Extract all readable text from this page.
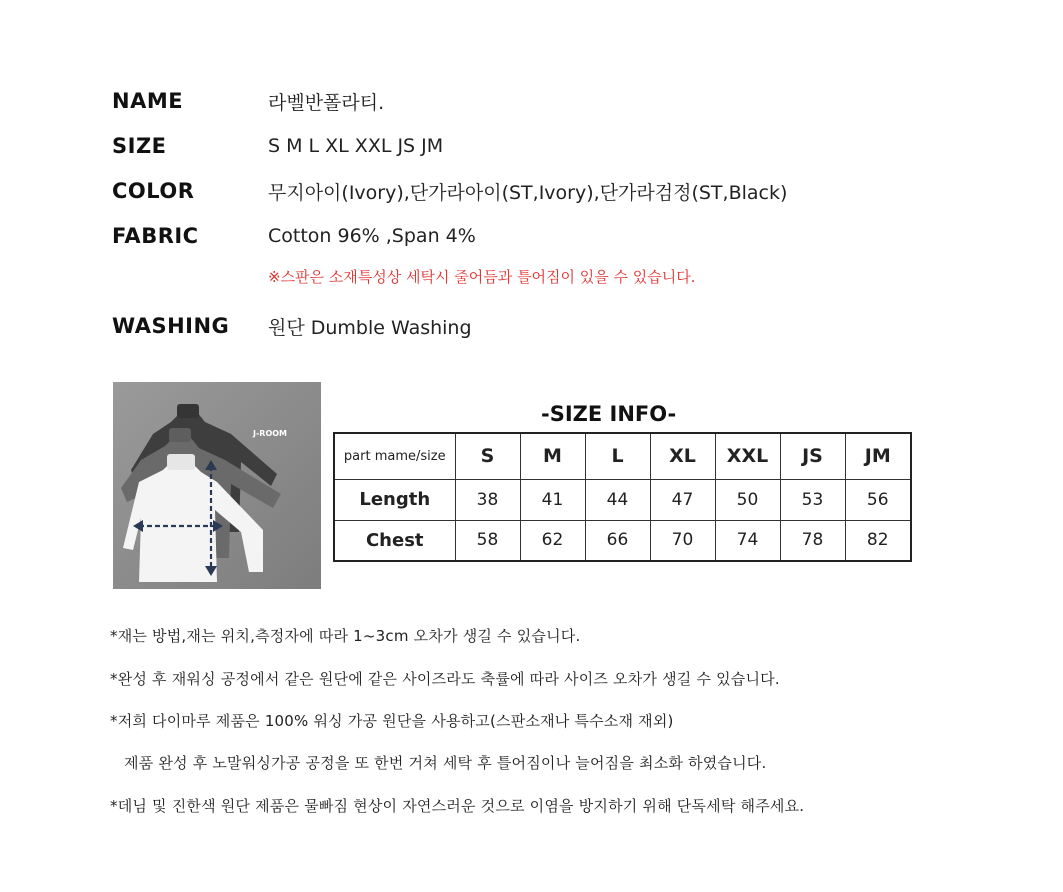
NAME	라벨반폴라티.
SIZE	S M L XL XXL JS JM
COLOR	무지아이(Ivory),단가라아이(ST,Ivory),단가라검정(ST,Black)
FABRIC	Cotton 96% ,Span 4%
※스판은 소재특성상 세탁시 줄어듬과 틀어짐이 있을 수 있습니다.
WASHING	원단 Dumble Washing
J-ROOM
-SIZE INFO-
part mame/size	S	M	L	XL	XXL	JS	JM
Length	38	41	44	47	50	53	56
Chest	58	62	66	70	74	78	82
*재는 방법,재는 위치,측정자에 따라 1~3cm 오차가 생길 수 있습니다.
*완성 후 재워싱 공정에서 같은 원단에 같은 사이즈라도 축률에 따라 사이즈 오차가 생길 수 있습니다.
*저희 다이마루 제품은 100% 워싱 가공 원단을 사용하고(스판소재나 특수소재 재외)
제품 완성 후 노말워싱가공 공정을 또 한번 거쳐 세탁 후 틀어짐이나 늘어짐을 최소화 하였습니다.
*데님 및 진한색 원단 제품은 물빠짐 현상이 자연스러운 것으로 이염을 방지하기 위해 단독세탁 해주세요.
